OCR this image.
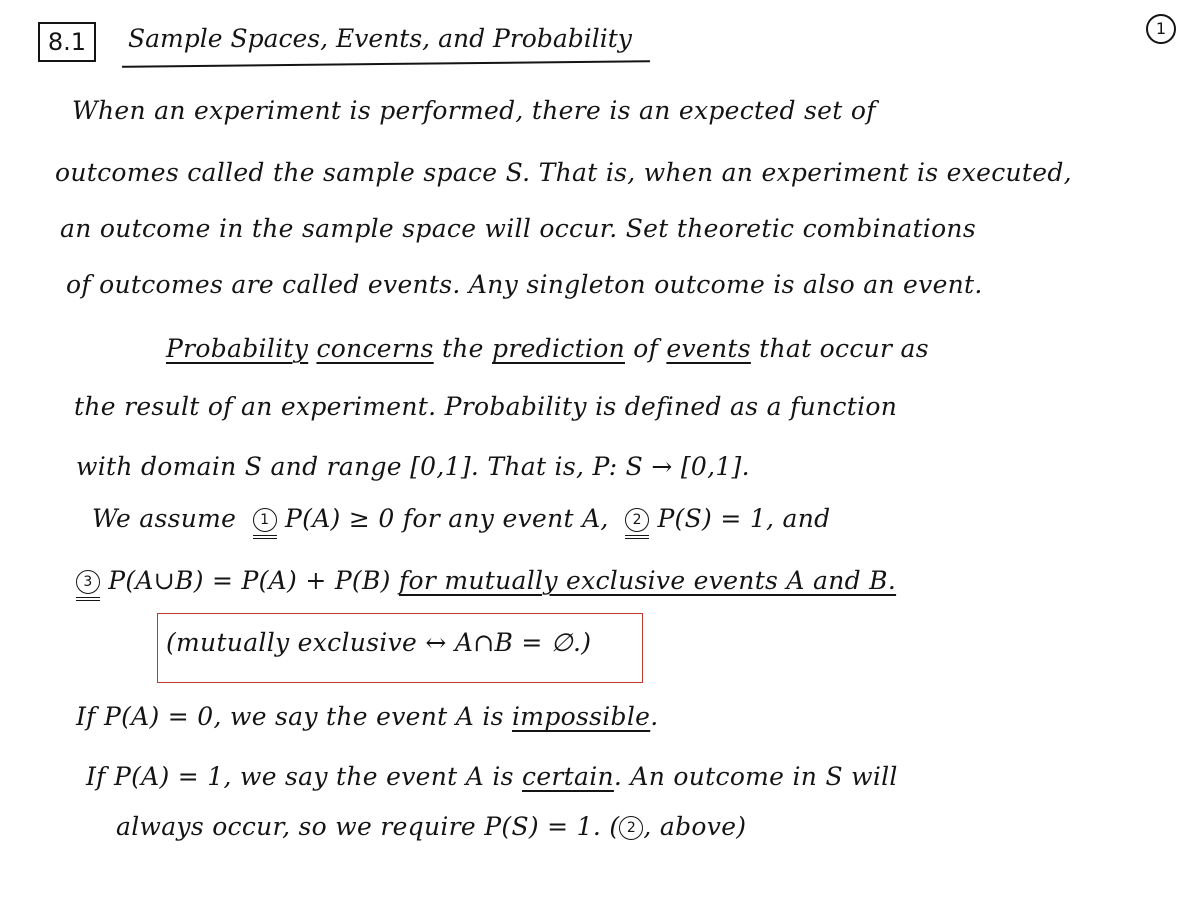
8.1	Sample Spaces, Events, and Probability	1
When an experiment is performed, there is an expected set of
outcomes called the sample space S. That is, when an experiment is executed,
an outcome in the sample space will occur. Set theoretic combinations
of outcomes are called events. Any singleton outcome is also an event.
Probability concerns the prediction of events that occur as
the result of an experiment. Probability is defined as a function
with domain S and range [0,1]. That is, P: S → [0,1].
We assume 1 P(A) ≥ 0 for any event A, 2 P(S) = 1, and
3 P(A∪B) = P(A) + P(B) for mutually exclusive events A and B.
(mutually exclusive ↔ A∩B = ∅.)
If P(A) = 0, we say the event A is impossible.
If P(A) = 1, we say the event A is certain. An outcome in S will
always occur, so we require P(S) = 1. ( 2 , above)
